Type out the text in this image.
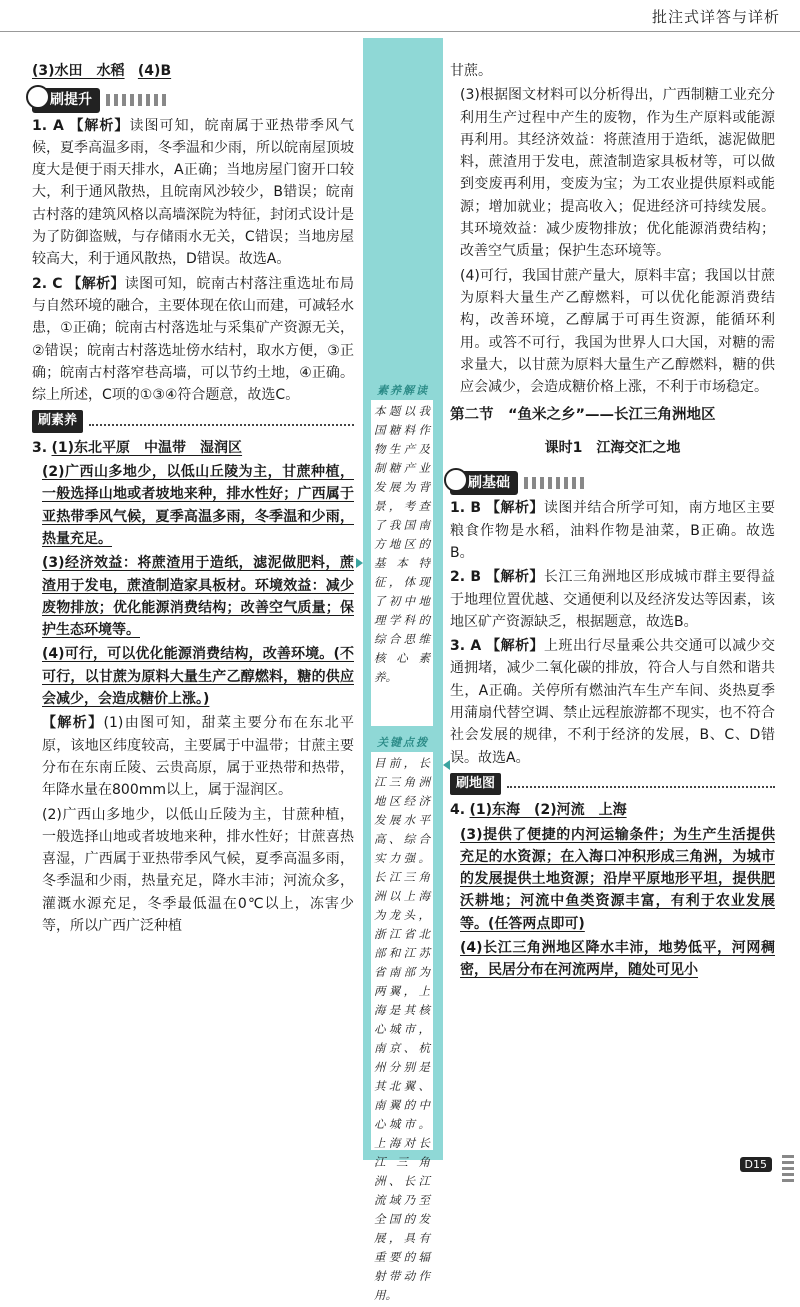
批注式详答与详析

(3)水田　水稻 (4)B

刷提升

1. A 【解析】读图可知，皖南属于亚热带季风气候，夏季高温多雨，冬季温和少雨，所以皖南屋顶坡度大是便于雨天排水，A正确；当地房屋门窗开口较大，利于通风散热，且皖南风沙较少，B错误；皖南古村落的建筑风格以高墙深院为特征，封闭式设计是为了防御盗贼，与存储雨水无关，C错误；当地房屋较高大，利于通风散热，D错误。故选A。

2. C 【解析】读图可知，皖南古村落注重选址布局与自然环境的融合，主要体现在依山而建，可减轻水患，①正确；皖南古村落选址与采集矿产资源无关，②错误；皖南古村落选址傍水结村，取水方便，③正确；皖南古村落窄巷高墙，可以节约土地，④正确。综上所述，C项的①③④符合题意，故选C。

刷素养

3. (1)东北平原　中温带　湿润区

(2)广西山多地少，以低山丘陵为主，甘蔗种植，一般选择山地或者坡地来种，排水性好；广西属于亚热带季风气候，夏季高温多雨，冬季温和少雨，热量充足。

(3)经济效益：将蔗渣用于造纸，滤泥做肥料，蔗渣用于发电，蔗渣制造家具板材。环境效益：减少废物排放；优化能源消费结构；改善空气质量；保护生态环境等。

(4)可行，可以优化能源消费结构，改善环境。(不可行，以甘蔗为原料大量生产乙醇燃料，糖的供应会减少，会造成糖价上涨。)

【解析】(1)由图可知，甜菜主要分布在东北平原，该地区纬度较高，主要属于中温带；甘蔗主要分布在东南丘陵、云贵高原，属于亚热带和热带，年降水量在800mm以上，属于湿润区。

(2)广西山多地少，以低山丘陵为主，甘蔗种植，一般选择山地或者坡地来种，排水性好；甘蔗喜热喜湿，广西属于亚热带季风气候，夏季高温多雨，冬季温和少雨，热量充足，降水丰沛；河流众多，灌溉水源充足，冬季最低温在0℃以上，冻害少等，所以广西广泛种植

素养解读
本题以我国糖料作物生产及制糖产业发展为背景，考查了我国南方地区的基本特征，体现了初中地理学科的综合思维核心素养。
关键点拨
目前，长江三角洲地区经济发展水平高、综合实力强。长江三角洲以上海为龙头，浙江省北部和江苏省南部为两翼，上海是其核心城市，南京、杭州分别是其北翼、南翼的中心城市。上海对长江三角洲、长江流域乃至全国的发展，具有重要的辐射带动作用。

甘蔗。

(3)根据图文材料可以分析得出，广西制糖工业充分利用生产过程中产生的废物，作为生产原料或能源再利用。其经济效益：将蔗渣用于造纸，滤泥做肥料，蔗渣用于发电，蔗渣制造家具板材等，可以做到变废再利用，变废为宝；为工农业提供原料或能源；增加就业；提高收入；促进经济可持续发展。其环境效益：减少废物排放；优化能源消费结构；改善空气质量；保护生态环境等。

(4)可行，我国甘蔗产量大，原料丰富；我国以甘蔗为原料大量生产乙醇燃料，可以优化能源消费结构，改善环境，乙醇属于可再生资源，能循环利用。或答不可行，我国为世界人口大国，对糖的需求量大，以甘蔗为原料大量生产乙醇燃料，糖的供应会减少，会造成糖价格上涨，不利于市场稳定。

第二节　“鱼米之乡”——长江三角洲地区
课时1　江海交汇之地
刷基础

1. B 【解析】读图并结合所学可知，南方地区主要粮食作物是水稻，油料作物是油菜，B正确。故选B。

2. B 【解析】长江三角洲地区形成城市群主要得益于地理位置优越、交通便利以及经济发达等因素，该地区矿产资源缺乏，根据题意，故选B。

3. A 【解析】上班出行尽量乘公共交通可以减少交通拥堵，减少二氧化碳的排放，符合人与自然和谐共生，A正确。关停所有燃油汽车生产车间、炎热夏季用蒲扇代替空调、禁止远程旅游都不现实，也不符合社会发展的规律，不利于经济的发展，B、C、D错误。故选A。

刷地图

4. (1)东海　(2)河流　上海

(3)提供了便捷的内河运输条件；为生产生活提供充足的水资源；在入海口冲积形成三角洲，为城市的发展提供土地资源；沿岸平原地形平坦，提供肥沃耕地；河流中鱼类资源丰富，有利于农业发展等。(任答两点即可)

(4)长江三角洲地区降水丰沛，地势低平，河网稠密，民居分布在河流两岸，随处可见小

D15
